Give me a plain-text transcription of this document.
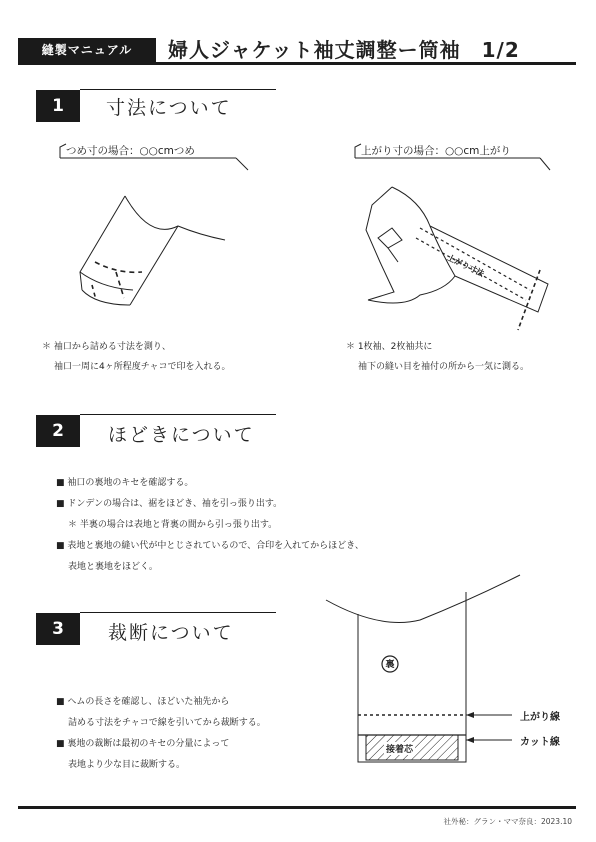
縫製マニュアル	婦人ジャケット袖丈調整ー筒袖　1/2
1	寸法について
つめ寸の場合：○○cmつめ	上がり寸の場合：○○cm上がり
上がり寸法
＊ 袖口から詰める寸法を測り、
袖口一周に4ヶ所程度チャコで印を入れる。
＊ 1枚袖、2枚袖共に
袖下の縫い目を袖付の所から一気に測る。
2	ほどきについて
■ 袖口の裏地のキセを確認する。
■ ドンデンの場合は、裾をほどき、袖を引っ張り出す。
＊ 半裏の場合は表地と背裏の間から引っ張り出す。
■ 表地と裏地の縫い代が中とじされているので、合印を入れてからほどき、
表地と裏地をほどく。
3	裁断について
■ ヘムの長さを確認し、ほどいた袖先から
詰める寸法をチャコで線を引いてから裁断する。
■ 裏地の裁断は最初のキセの分量によって
表地より少な目に裁断する。
裏
上がり線
カット線
接着芯
社外秘：グラン・ママ奈良：2023.10
